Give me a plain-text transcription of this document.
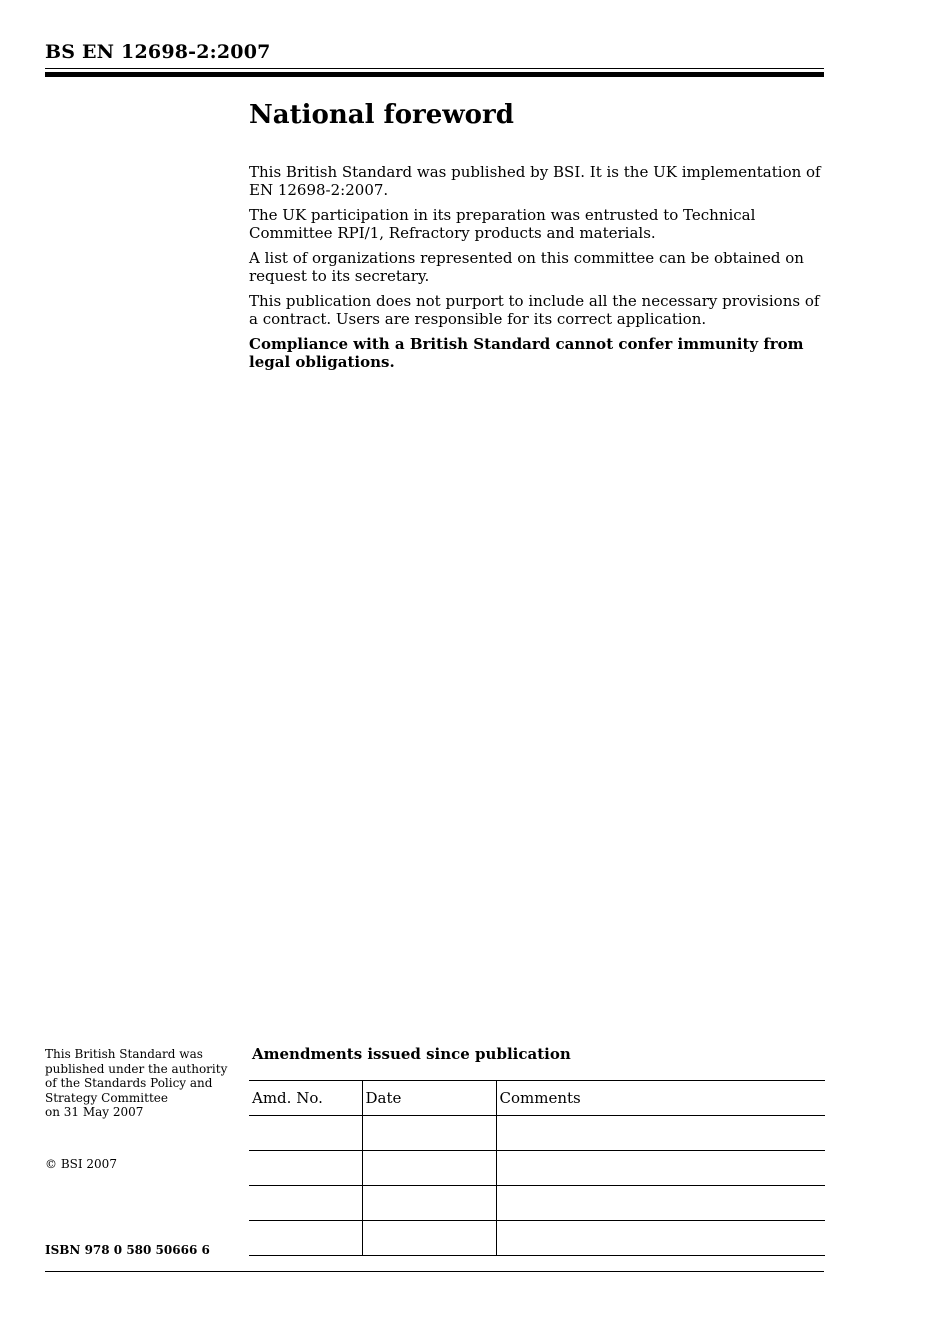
BS EN 12698-2:2007
National foreword

This British Standard was published by BSI. It is the UK implementation of EN 12698-2:2007.

The UK participation in its preparation was entrusted to Technical Committee RPI/1, Refractory products and materials.

A list of organizations represented on this committee can be obtained on request to its secretary.

This publication does not purport to include all the necessary provisions of a contract. Users are responsible for its correct application.

Compliance with a British Standard cannot confer immunity from legal obligations.

This British Standard was
published under the authority
of the Standards Policy and
Strategy Committee
on 31 May 2007
© BSI 2007
ISBN 978 0 580 50666 6
Amendments issued since publication
Amd. No.	Date	Comments
